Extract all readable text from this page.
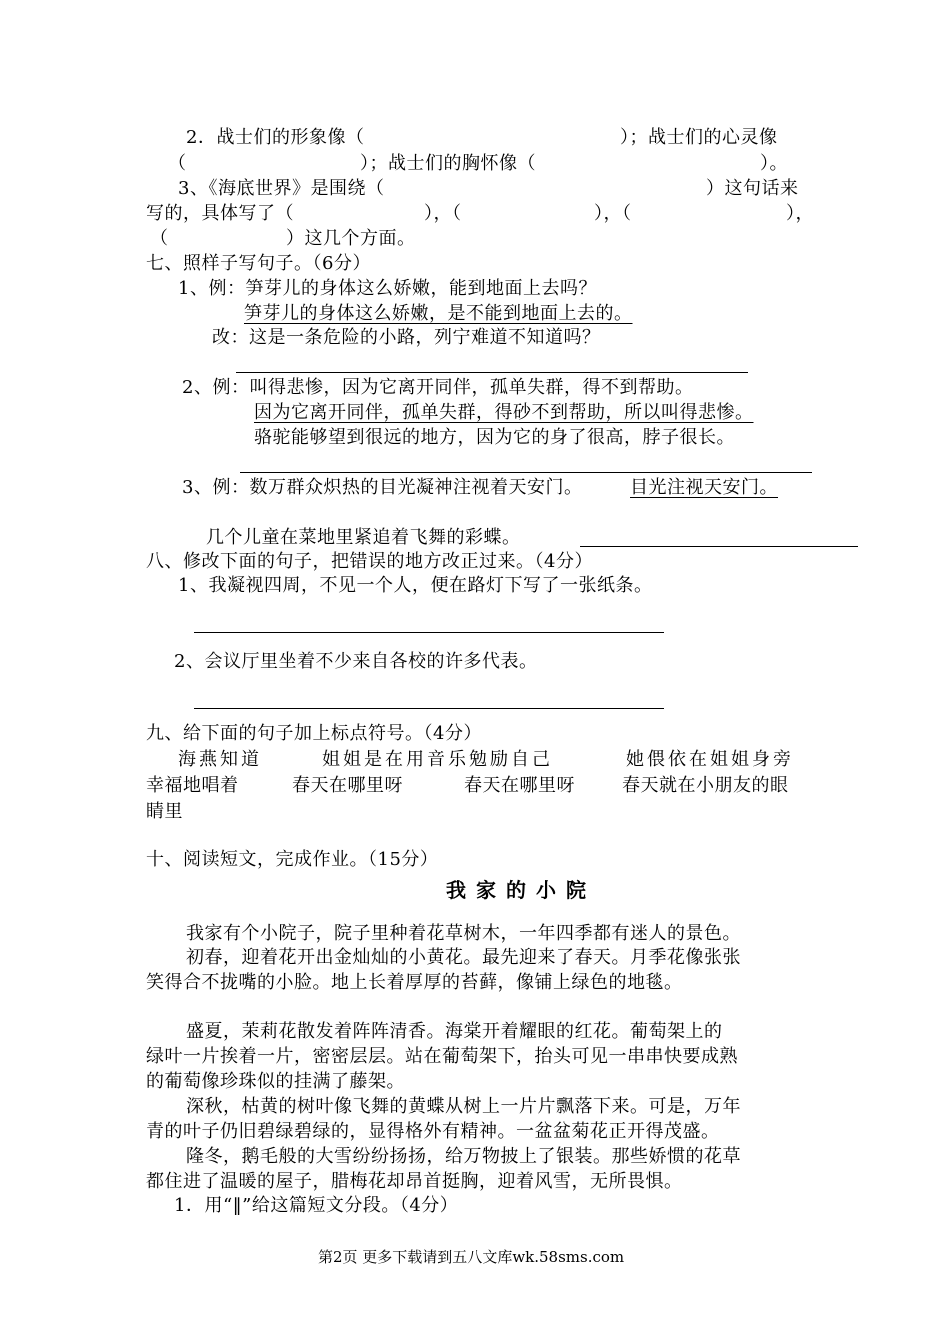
2．战士们的形象像（	）；战士们的心灵像
（	）；战士们的胸怀像（	）。
3、《海底世界》是围绕（	）这句话来
写的，具体写了（	），（	），（	），
（	）这几个方面。
七、照样子写句子。（6分）
1、例：笋芽儿的身体这么娇嫩，能到地面上去吗？
笋芽儿的身体这么娇嫩，是不能到地面上去的。
改：这是一条危险的小路，列宁难道不知道吗？
2、例：叫得悲惨，因为它离开同伴，孤单失群，得不到帮助。
因为它离开同伴，孤单失群，得砂不到帮助，所以叫得悲惨。
骆驼能够望到很远的地方，因为它的身了很高，脖子很长。
3、例：数万群众炽热的目光凝神注视着天安门。	目光注视天安门。
几个儿童在菜地里紧追着飞舞的彩蝶。
八、修改下面的句子，把错误的地方改正过来。（4分）
1、我凝视四周，不见一个人，便在路灯下写了一张纸条。
2、会议厅里坐着不少来自各校的许多代表。
九、给下面的句子加上标点符号。（4分）
海燕知道	姐姐是在用音乐勉励自己	她偎依在姐姐身旁
幸福地唱着	春天在哪里呀	春天在哪里呀	春天就在小朋友的眼
睛里
十、阅读短文，完成作业。（15分）
我家的小院
我家有个小院子，院子里种着花草树木，一年四季都有迷人的景色。
初春，迎着花开出金灿灿的小黄花。最先迎来了春天。月季花像张张
笑得合不拢嘴的小脸。地上长着厚厚的苔藓，像铺上绿色的地毯。
盛夏，茉莉花散发着阵阵清香。海棠开着耀眼的红花。葡萄架上的
绿叶一片挨着一片，密密层层。站在葡萄架下，抬头可见一串串快要成熟
的葡萄像珍珠似的挂满了藤架。
深秋，枯黄的树叶像飞舞的黄蝶从树上一片片飘落下来。可是，万年
青的叶子仍旧碧绿碧绿的，显得格外有精神。一盆盆菊花正开得茂盛。
隆冬，鹅毛般的大雪纷纷扬扬，给万物披上了银装。那些娇惯的花草
都住进了温暖的屋子，腊梅花却昂首挺胸，迎着风雪，无所畏惧。
1．用“‖”给这篇短文分段。（4分）
第2页 更多下载请到五八文库wk.58sms.com
